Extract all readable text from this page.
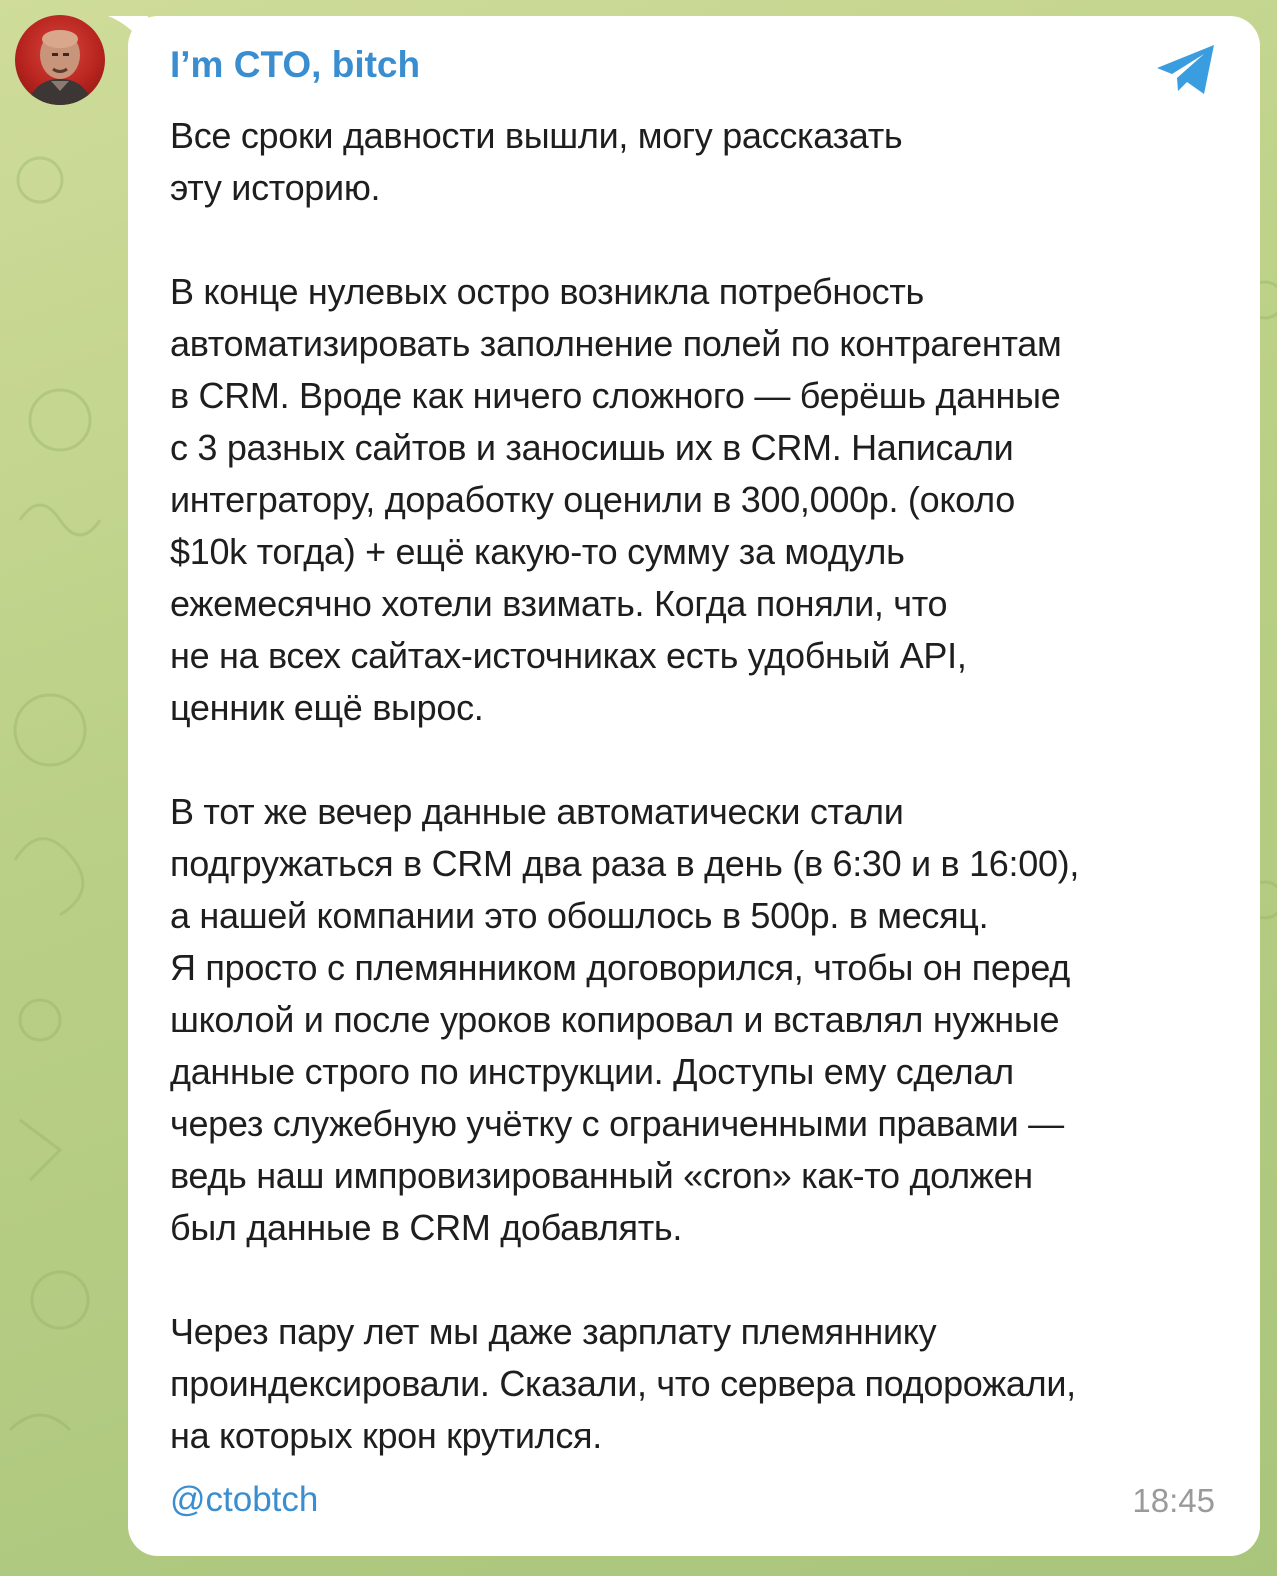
I’m CTO, bitch

Все сроки давности вышли, могу рассказать
эту историю.

В конце нулевых остро возникла потребность
автоматизировать заполнение полей по контрагентам
в CRM. Вроде как ничего сложного — берёшь данные
с 3 разных сайтов и заносишь их в CRM. Написали
интегратору, доработку оценили в 300,000р. (около
$10k тогда) + ещё какую-то сумму за модуль
ежемесячно хотели взимать. Когда поняли, что
не на всех сайтах-источниках есть удобный API,
ценник ещё вырос.

В тот же вечер данные автоматически стали
подгружаться в CRM два раза в день (в 6:30 и в 16:00),
а нашей компании это обошлось в 500р. в месяц.
Я просто с племянником договорился, чтобы он перед
школой и после уроков копировал и вставлял нужные
данные строго по инструкции. Доступы ему сделал
через служебную учётку с ограниченными правами —
ведь наш импровизированный «cron» как-то должен
был данные в CRM добавлять.

Через пару лет мы даже зарплату племяннику
проиндексировали. Сказали, что сервера подорожали,
на которых крон крутился.

@ctobtch	18:45
